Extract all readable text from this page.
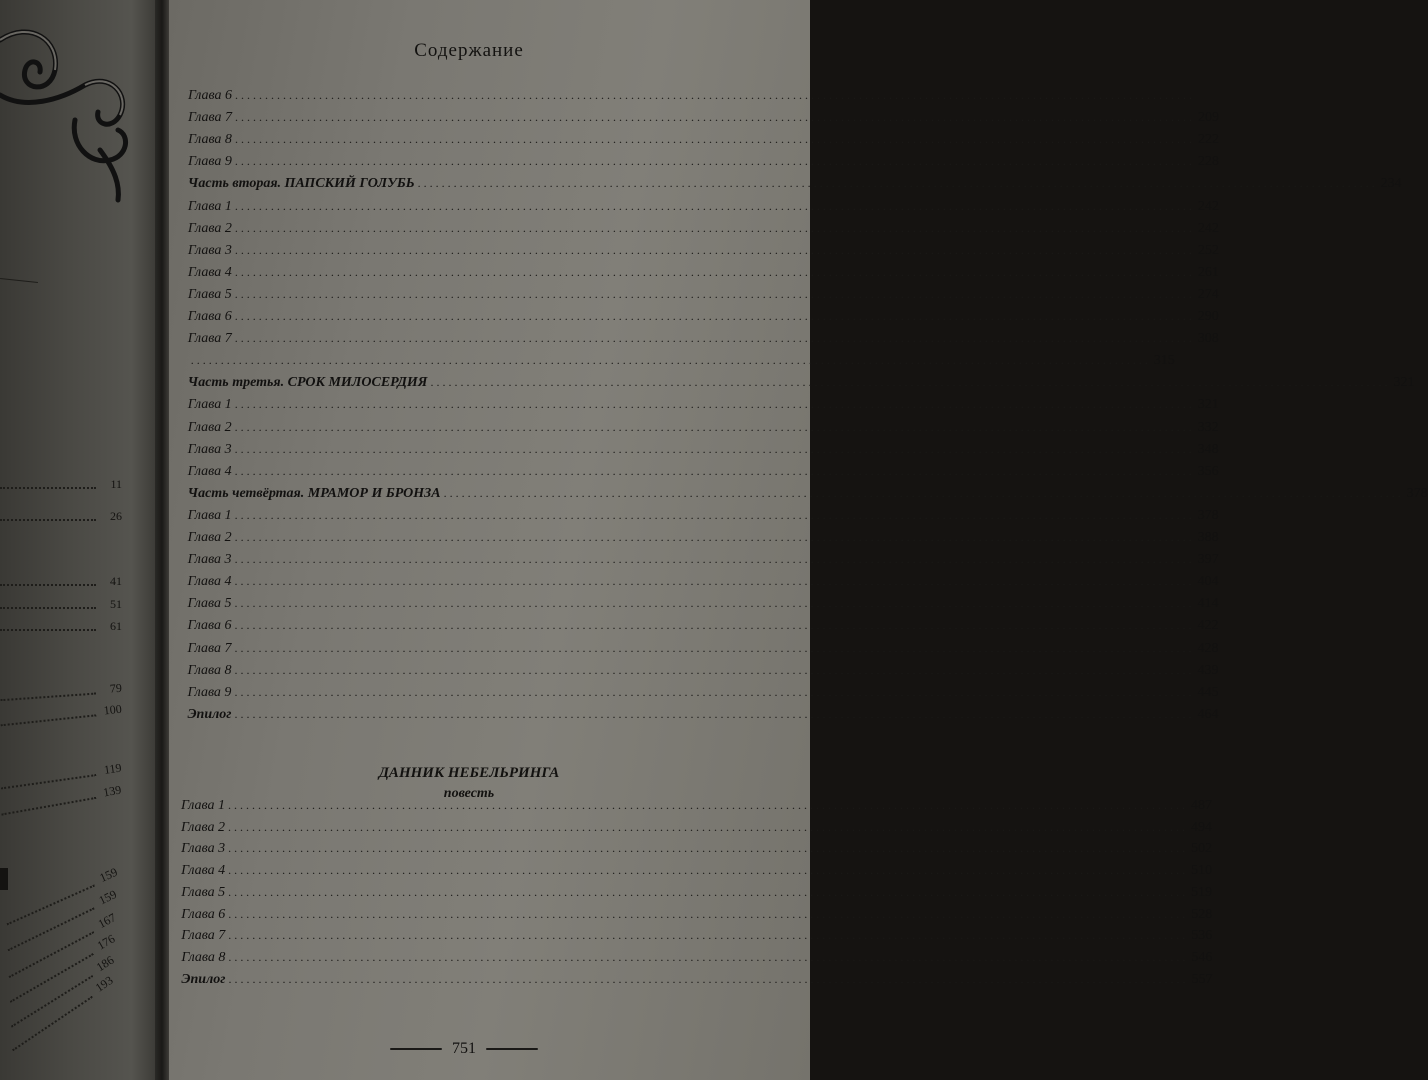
11
26
41
51
61
79
100
119
139
159
159
167
176
186
193
Содержание
Глава 6 ................................................................................................................................................................
Глава 7 ................................................................................................................................................................ 209
Глава 8 ................................................................................................................................................................ 222
Глава 9 ................................................................................................................................................................ 228
Часть вторая. ПАПСКИЙ ГОЛУБЬ ................................................................................................................................................................ 234
Глава 1 ................................................................................................................................................................ 242
Глава 2 ................................................................................................................................................................ 242
Глава 3 ................................................................................................................................................................ 252
Глава 4 ................................................................................................................................................................ 261
Глава 5 ................................................................................................................................................................ 274
Глава 6 ................................................................................................................................................................ 290
Глава 7 ................................................................................................................................................................ 308
................................................................................................................................................................ 315
Часть третья. СРОК МИЛОСЕРДИЯ ................................................................................................................................................................ 321
Глава 1 ................................................................................................................................................................ 321
Глава 2 ................................................................................................................................................................ 332
Глава 3 ................................................................................................................................................................ 348
Глава 4 ................................................................................................................................................................ 356
Часть четвёртая. МРАМОР И БРОНЗА ................................................................................................................................................................ 378
Глава 1 ................................................................................................................................................................ 378
Глава 2 ................................................................................................................................................................ 388
Глава 3 ................................................................................................................................................................ 397
Глава 4 ................................................................................................................................................................ 404
Глава 5 ................................................................................................................................................................ 414
Глава 6 ................................................................................................................................................................ 422
Глава 7 ................................................................................................................................................................ 428
Глава 8 ................................................................................................................................................................ 439
Глава 9 ................................................................................................................................................................ 445
Эпилог ................................................................................................................................................................ 464
ДАННИК НЕБЕЛЬРИНГА
повесть
Глава 1 ................................................................................................................................................................ 487
Глава 2 ................................................................................................................................................................ 494
Глава 3 ................................................................................................................................................................ 502
Глава 4 ................................................................................................................................................................ 510
Глава 5 ................................................................................................................................................................ 519
Глава 6 ................................................................................................................................................................ 528
Глава 7 ................................................................................................................................................................ 536
Глава 8 ................................................................................................................................................................ 546
Эпилог ................................................................................................................................................................ 557
751
